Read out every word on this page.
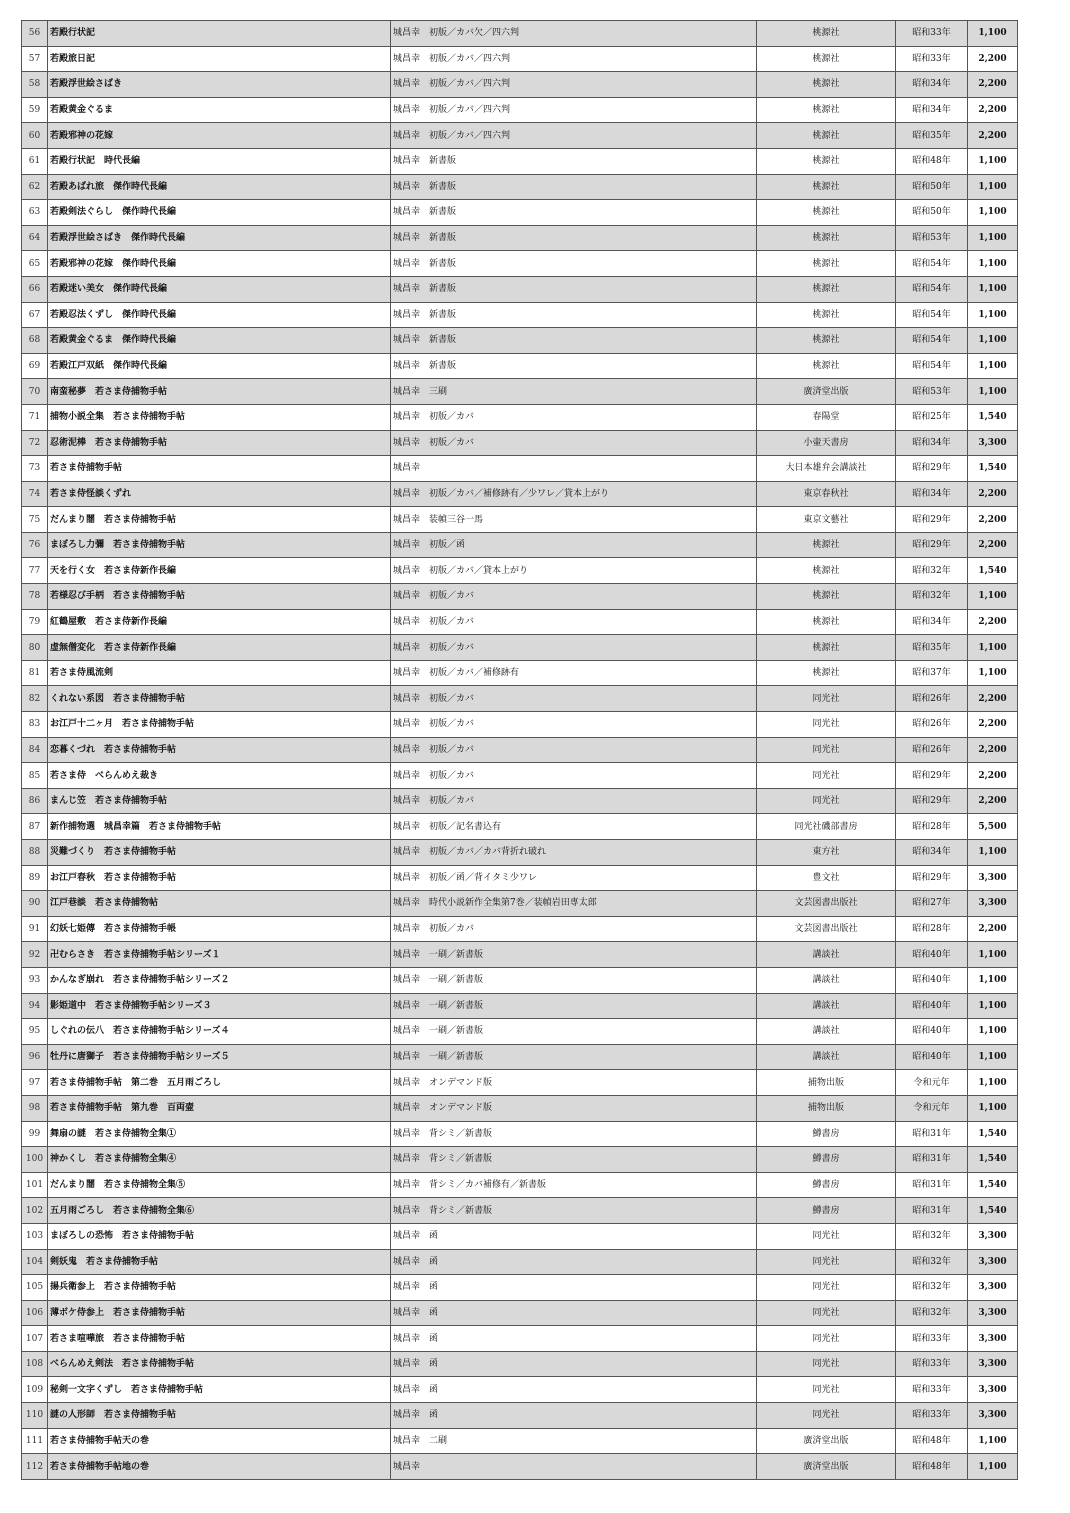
56	若殿行状記	城昌幸　初版／カバ欠／四六判	桃源社	昭和33年	1,100
57	若殿旅日記	城昌幸　初版／カバ／四六判	桃源社	昭和33年	2,200
58	若殿浮世絵さばき	城昌幸　初版／カバ／四六判	桃源社	昭和34年	2,200
59	若殿黄金ぐるま	城昌幸　初版／カバ／四六判	桃源社	昭和34年	2,200
60	若殿邪神の花嫁	城昌幸　初版／カバ／四六判	桃源社	昭和35年	2,200
61	若殿行状記　時代長編	城昌幸　新書版	桃源社	昭和48年	1,100
62	若殿あばれ旅　傑作時代長編	城昌幸　新書版	桃源社	昭和50年	1,100
63	若殿剣法ぐらし　傑作時代長編	城昌幸　新書版	桃源社	昭和50年	1,100
64	若殿浮世絵さばき　傑作時代長編	城昌幸　新書版	桃源社	昭和53年	1,100
65	若殿邪神の花嫁　傑作時代長編	城昌幸　新書版	桃源社	昭和54年	1,100
66	若殿迷い美女　傑作時代長編	城昌幸　新書版	桃源社	昭和54年	1,100
67	若殿忍法くずし　傑作時代長編	城昌幸　新書版	桃源社	昭和54年	1,100
68	若殿黄金ぐるま　傑作時代長編	城昌幸　新書版	桃源社	昭和54年	1,100
69	若殿江戸双紙　傑作時代長編	城昌幸　新書版	桃源社	昭和54年	1,100
70	南蛮秘夢　若さま侍捕物手帖	城昌幸　三刷	廣済堂出版	昭和53年	1,100
71	捕物小説全集　若さま侍捕物手帖	城昌幸　初版／カバ	春陽堂	昭和25年	1,540
72	忍術泥棒　若さま侍捕物手帖	城昌幸　初版／カバ	小壷天書房	昭和34年	3,300
73	若さま侍捕物手帖	城昌幸	大日本雄弁会講談社	昭和29年	1,540
74	若さま侍怪談くずれ	城昌幸　初版／カバ／補修跡有／少ワレ／貸本上がり	東京春秋社	昭和34年	2,200
75	だんまり闇　若さま侍捕物手帖	城昌幸　装幀三谷一馬	東京文藝社	昭和29年	2,200
76	まぼろし力彌　若さま侍捕物手帖	城昌幸　初版／函	桃源社	昭和29年	2,200
77	天を行く女　若さま侍新作長編	城昌幸　初版／カバ／貸本上がり	桃源社	昭和32年	1,540
78	若様忍び手柄　若さま侍捕物手帖	城昌幸　初版／カバ	桃源社	昭和32年	1,100
79	紅鶴屋敷　若さま侍新作長編	城昌幸　初版／カバ	桃源社	昭和34年	2,200
80	虚無僧変化　若さま侍新作長編	城昌幸　初版／カバ	桃源社	昭和35年	1,100
81	若さま侍風流剣	城昌幸　初版／カバ／補修跡有	桃源社	昭和37年	1,100
82	くれない系図　若さま侍捕物手帖	城昌幸　初版／カバ	同光社	昭和26年	2,200
83	お江戸十二ヶ月　若さま侍捕物手帖	城昌幸　初版／カバ	同光社	昭和26年	2,200
84	恋暮くづれ　若さま侍捕物手帖	城昌幸　初版／カバ	同光社	昭和26年	2,200
85	若さま侍　べらんめえ裁き	城昌幸　初版／カバ	同光社	昭和29年	2,200
86	まんじ笠　若さま侍捕物手帖	城昌幸　初版／カバ	同光社	昭和29年	2,200
87	新作捕物選　城昌幸篇　若さま侍捕物手帖	城昌幸　初版／記名書込有	同光社磯部書房	昭和28年	5,500
88	災難づくり　若さま侍捕物手帖	城昌幸　初版／カバ／カバ背折れ破れ	東方社	昭和34年	1,100
89	お江戸春秋　若さま侍捕物手帖	城昌幸　初版／函／背イタミ少ワレ	豊文社	昭和29年	3,300
90	江戸巷談　若さま侍捕物帖	城昌幸　時代小説新作全集第7巻／装幀岩田専太郎	文芸図書出版社	昭和27年	3,300
91	幻妖七姫傳　若さま侍捕物手帳	城昌幸　初版／カバ	文芸図書出版社	昭和28年	2,200
92	卍むらさき　若さま侍捕物手帖シリーズ１	城昌幸　一刷／新書版	講談社	昭和40年	1,100
93	かんなぎ崩れ　若さま侍捕物手帖シリーズ２	城昌幸　一刷／新書版	講談社	昭和40年	1,100
94	影姫道中　若さま侍捕物手帖シリーズ３	城昌幸　一刷／新書版	講談社	昭和40年	1,100
95	しぐれの伝八　若さま侍捕物手帖シリーズ４	城昌幸　一刷／新書版	講談社	昭和40年	1,100
96	牡丹に唐獅子　若さま侍捕物手帖シリーズ５	城昌幸　一刷／新書版	講談社	昭和40年	1,100
97	若さま侍捕物手帖　第二巻　五月雨ごろし	城昌幸　オンデマンド版	捕物出版	令和元年	1,100
98	若さま侍捕物手帖　第九巻　百両壷	城昌幸　オンデマンド版	捕物出版	令和元年	1,100
99	舞扇の謎　若さま侍捕物全集①	城昌幸　背シミ／新書版	鱒書房	昭和31年	1,540
100	神かくし　若さま侍捕物全集④	城昌幸　背シミ／新書版	鱒書房	昭和31年	1,540
101	だんまり闇　若さま侍捕物全集⑤	城昌幸　背シミ／カバ補修有／新書版	鱒書房	昭和31年	1,540
102	五月雨ごろし　若さま侍捕物全集⑥	城昌幸　背シミ／新書版	鱒書房	昭和31年	1,540
103	まぼろしの恐怖　若さま侍捕物手帖	城昌幸　函	同光社	昭和32年	3,300
104	剣妖鬼　若さま侍捕物手帖	城昌幸　函	同光社	昭和32年	3,300
105	揚兵衛参上　若さま侍捕物手帖	城昌幸　函	同光社	昭和32年	3,300
106	薄ボケ侍参上　若さま侍捕物手帖	城昌幸　函	同光社	昭和32年	3,300
107	若さま喧嘩旅　若さま侍捕物手帖	城昌幸　函	同光社	昭和33年	3,300
108	べらんめえ剣法　若さま侍捕物手帖	城昌幸　函	同光社	昭和33年	3,300
109	秘剣一文字くずし　若さま侍捕物手帖	城昌幸　函	同光社	昭和33年	3,300
110	謎の人形師　若さま侍捕物手帖	城昌幸　函	同光社	昭和33年	3,300
111	若さま侍捕物手帖天の巻	城昌幸　二刷	廣済堂出版	昭和48年	1,100
112	若さま侍捕物手帖地の巻	城昌幸	廣済堂出版	昭和48年	1,100
